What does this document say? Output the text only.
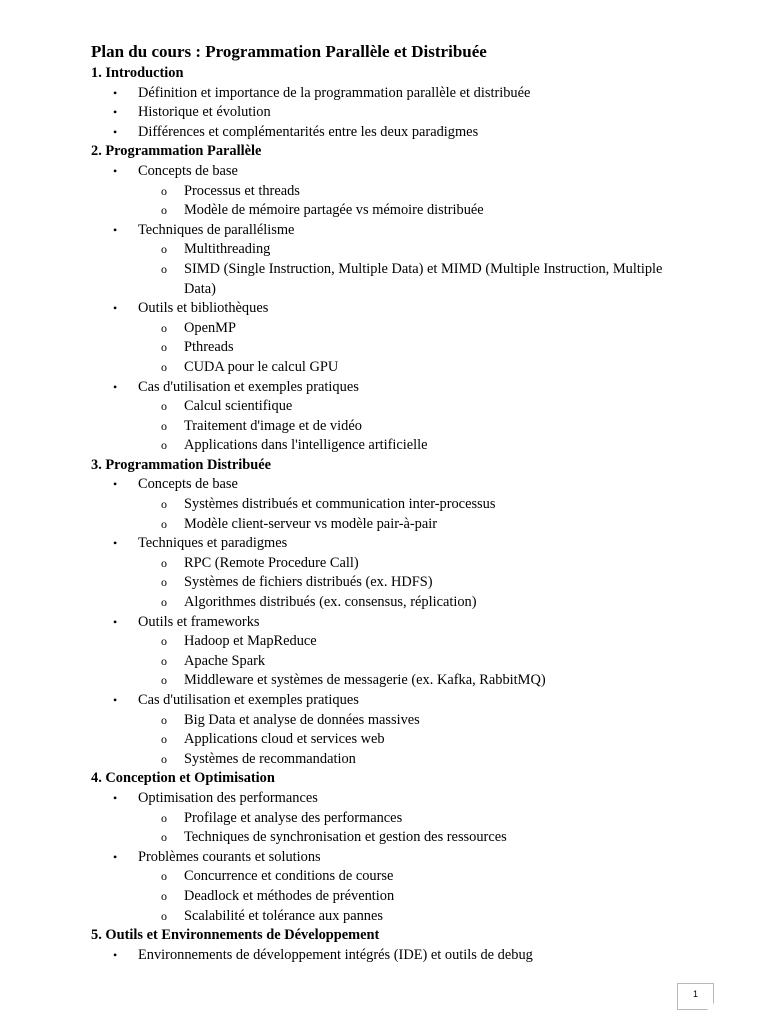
Plan du cours : Programmation Parallèle et Distribuée
1. Introduction
• Définition et importance de la programmation parallèle et distribuée
• Historique et évolution
• Différences et complémentarités entre les deux paradigmes
2. Programmation Parallèle
• Concepts de base
o Processus et threads
o Modèle de mémoire partagée vs mémoire distribuée
• Techniques de parallélisme
o Multithreading
o SIMD (Single Instruction, Multiple Data) et MIMD (Multiple Instruction, Multiple Data)
• Outils et bibliothèques
o OpenMP
o Pthreads
o CUDA pour le calcul GPU
• Cas d'utilisation et exemples pratiques
o Calcul scientifique
o Traitement d'image et de vidéo
o Applications dans l'intelligence artificielle
3. Programmation Distribuée
• Concepts de base
o Systèmes distribués et communication inter-processus
o Modèle client-serveur vs modèle pair-à-pair
• Techniques et paradigmes
o RPC (Remote Procedure Call)
o Systèmes de fichiers distribués (ex. HDFS)
o Algorithmes distribués (ex. consensus, réplication)
• Outils et frameworks
o Hadoop et MapReduce
o Apache Spark
o Middleware et systèmes de messagerie (ex. Kafka, RabbitMQ)
• Cas d'utilisation et exemples pratiques
o Big Data et analyse de données massives
o Applications cloud et services web
o Systèmes de recommandation
4. Conception et Optimisation
• Optimisation des performances
o Profilage et analyse des performances
o Techniques de synchronisation et gestion des ressources
• Problèmes courants et solutions
o Concurrence et conditions de course
o Deadlock et méthodes de prévention
o Scalabilité et tolérance aux pannes
5. Outils et Environnements de Développement
• Environnements de développement intégrés (IDE) et outils de debug
1
